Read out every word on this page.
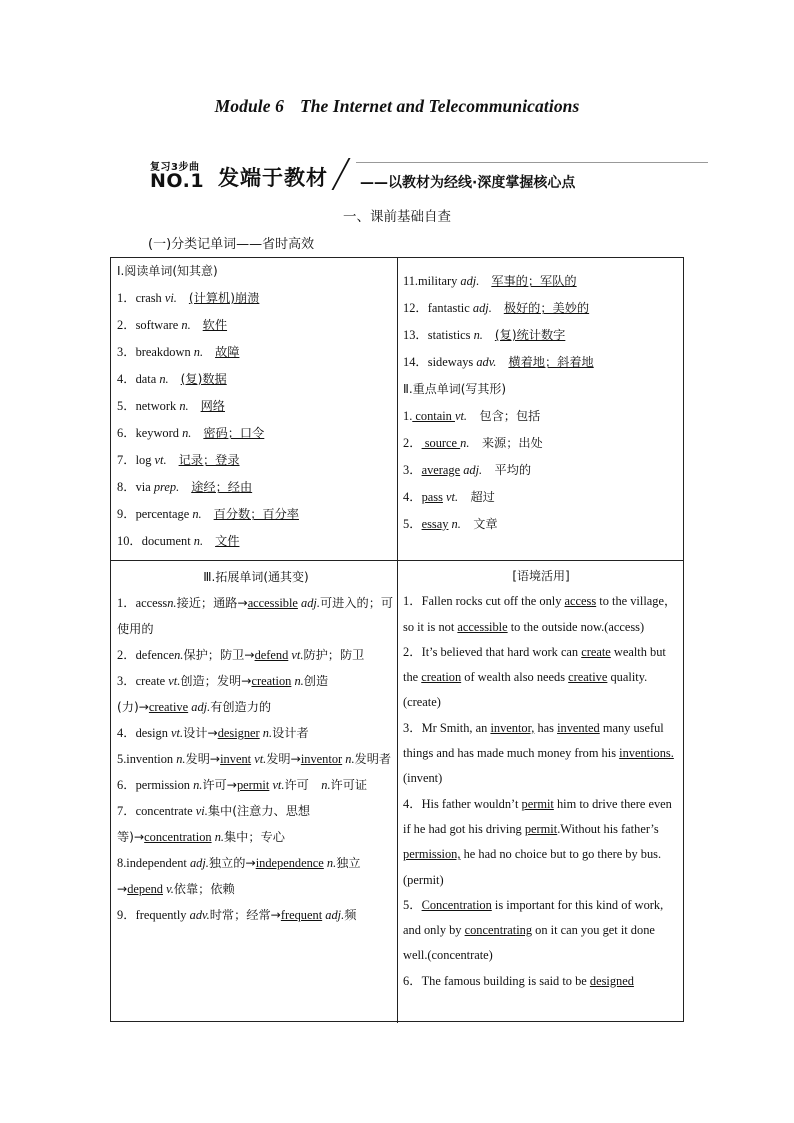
Module 6 The Internet and Telecommunications
复习3步曲
NO.1 发端于教材 ——以教材为经线·深度掌握核心点
一、课前基础自查
(一)分类记单词——省时高效
Ⅰ.阅读单词(知其意)
1．crash vi. (计算机)崩溃
2．software n. 软件
3．breakdown n. 故障
4．data n. (复)数据
5．network n. 网络
6．keyword n. 密码；口令
7．log vt. 记录；登录
8．via prep. 途经；经由
9．percentage n. 百分数；百分率
10．document n. 文件
11.military adj. 军事的；军队的
12．fantastic adj. 极好的；美妙的
13．statistics n. (复)统计数字
14．sideways adv. 横着地；斜着地
Ⅱ.重点单词(写其形)
1. contain vt.　 包含；包括
2． source n.　 来源；出处
3．average adj.　 平均的
4．pass vt.　 超过
5．essay n.　 文章
Ⅲ.拓展单词(通其变)
1．accessn.接近；通路→accessible adj.可进入的；可使用的
2．defencen.保护；防卫→defend vt.防护；防卫
3．create vt.创造；发明→creation n.创造(力)→creative adj.有创造力的
4．design vt.设计→designer n.设计者
5.invention n.发明→invent vt.发明→inventor n.发明者
6．permission n.许可→permit vt.许可　 n.许可证
7．concentrate vi.集中(注意力、思想等)→concentration n.集中；专心
8.independent adj.独立的→independence n.独立→depend v.依靠；依赖
9．frequently adv.时常；经常→frequent adj.频
[语境活用]
1．Fallen rocks cut off the only access to the village，so it is not accessible to the outside now.(access)
2．It’s believed that hard work can create wealth but the creation of wealth also needs creative quality.(create)
3．Mr Smith, an inventor, has invented many useful things and has made much money from his inventions.(invent)
4．His father wouldn’t permit him to drive there even if he had got his driving permit.Without his father’s permission, he had no choice but to go there by bus.(permit)
5．Concentration is important for this kind of work, and only by concentrating on it can you get it done well.(concentrate)
6．The famous building is said to be designed
